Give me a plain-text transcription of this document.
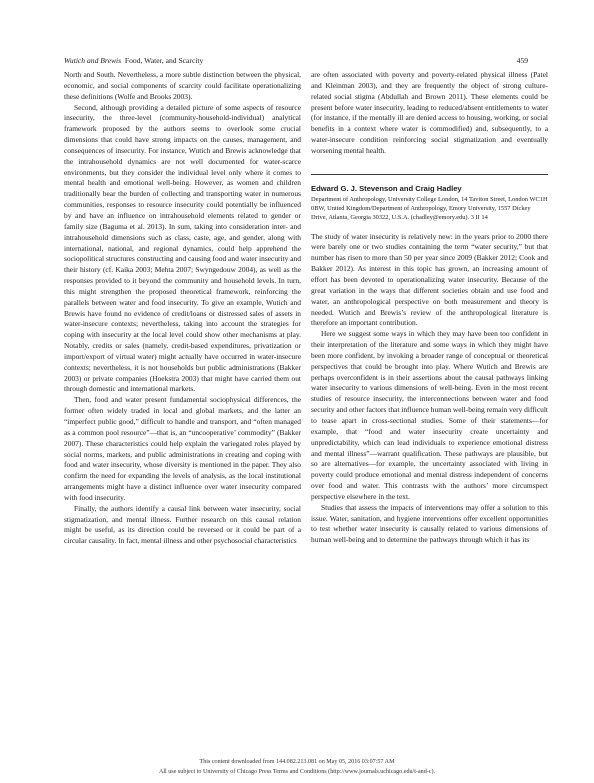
Wutich and Brewis Food, Water, and Scarcity	459

North and South. Nevertheless, a more subtle distinction between the physical, economic, and social components of scarcity could facilitate operationalizing these definitions (Wolfe and Brooks 2003).

Second, although providing a detailed picture of some aspects of resource insecurity, the three-level (community-household-individual) analytical framework proposed by the authors seems to overlook some crucial dimensions that could have strong impacts on the causes, management, and consequences of insecurity. For instance, Wutich and Brewis acknowledge that the intrahousehold dynamics are not well documented for water-scarce environments, but they consider the individual level only where it comes to mental health and emotional well-being. However, as women and children traditionally bear the burden of collecting and transporting water in numerous communities, responses to resource insecurity could potentially be influenced by and have an influence on intrahousehold elements related to gender or family size (Baguma et al. 2013). In sum, taking into consideration inter- and intrahousehold dimensions such as class, caste, age, and gender, along with international, national, and regional dynamics, could help apprehend the sociopolitical structures constructing and causing food and water insecurity and their history (cf. Kaika 2003; Mehta 2007; Swyngedouw 2004), as well as the responses provided to it beyond the community and household levels. In turn, this might strengthen the proposed theoretical framework, reinforcing the parallels between water and food insecurity. To give an example, Wutich and Brewis have found no evidence of credit/loans or distressed sales of assets in water-insecure contexts; nevertheless, taking into account the strategies for coping with insecurity at the local level could show other mechanisms at play. Notably, credits or sales (namely, credit-based expenditures, privatization or import/export of virtual water) might actually have occurred in water-insecure contexts; nevertheless, it is not households but public administrations (Bakker 2003) or private companies (Hoekstra 2003) that might have carried them out through domestic and international markets.

Then, food and water present fundamental sociophysical differences, the former often widely traded in local and global markets, and the latter an “imperfect public good,” difficult to handle and transport, and “often managed as a common pool resource”—that is, an “uncooperative’ commodity” (Bakker 2007). These characteristics could help explain the variegated roles played by social norms, markets, and public administrations in creating and coping with food and water insecurity, whose diversity is mentioned in the paper. They also confirm the need for expanding the levels of analysis, as the local institutional arrangements might have a distinct influence over water insecurity compared with food insecurity.

Finally, the authors identify a causal link between water insecurity, social stigmatization, and mental illness. Further research on this causal relation might be useful, as its direction could be reversed or it could be part of a circular causality. In fact, mental illness and other psychosocial characteristics

are often associated with poverty and poverty-related physical illness (Patel and Kleinman 2003), and they are frequently the object of strong culture-related social stigma (Abdullah and Brown 2011). These elements could be present before water insecurity, leading to reduced/absent entitlements to water (for instance, if the mentally ill are denied access to housing, working, or social benefits in a context where water is commodified) and, subsequently, to a water-insecure condition reinforcing social stigmatization and eventually worsening mental health.

Edward G. J. Stevenson and Craig Hadley
Department of Anthropology, University College London, 14 Taviton Street, London WC1H 0BW, United Kingdom/Department of Anthropology, Emory University, 1557 Dickey Drive, Atlanta, Georgia 30322, U.S.A. (chadley@emory.edu). 3 II 14

The study of water insecurity is relatively new: in the years prior to 2000 there were barely one or two studies containing the term “water security,” but that number has risen to more than 50 per year since 2009 (Bakker 2012; Cook and Bakker 2012). As interest in this topic has grown, an increasing amount of effort has been devoted to operationalizing water insecurity. Because of the great variation in the ways that different societies obtain and use food and water, an anthropological perspective on both measurement and theory is needed. Wutich and Brewis’s review of the anthropological literature is therefore an important contribution.

Here we suggest some ways in which they may have been too confident in their interpretation of the literature and some ways in which they might have been more confident, by invoking a broader range of conceptual or theoretical perspectives that could be brought into play. Where Wutich and Brewis are perhaps overconfident is in their assertions about the causal pathways linking water insecurity to various dimensions of well-being. Even in the most recent studies of resource insecurity, the interconnections between water and food security and other factors that influence human well-being remain very difficult to tease apart in cross-sectional studies. Some of their statements—for example, that “food and water insecurity create uncertainty and unpredictability, which can lead individuals to experience emotional distress and mental illness”—warrant qualification. These pathways are plausible, but so are alternatives—for example, the uncertainty associated with living in poverty could produce emotional and mental distress independent of concerns over food and water. This contrasts with the authors’ more circumspect perspective elsewhere in the text.

Studies that assess the impacts of interventions may offer a solution to this issue. Water, sanitation, and hygiene interventions offer excellent opportunities to test whether water insecurity is causally related to various dimensions of human well-being and to determine the pathways through which it has its

This content downloaded from 144.082.213.081 on May 05, 2016 03:07:57 AM
All use subject to University of Chicago Press Terms and Conditions (http://www.journals.uchicago.edu/t-and-c).
